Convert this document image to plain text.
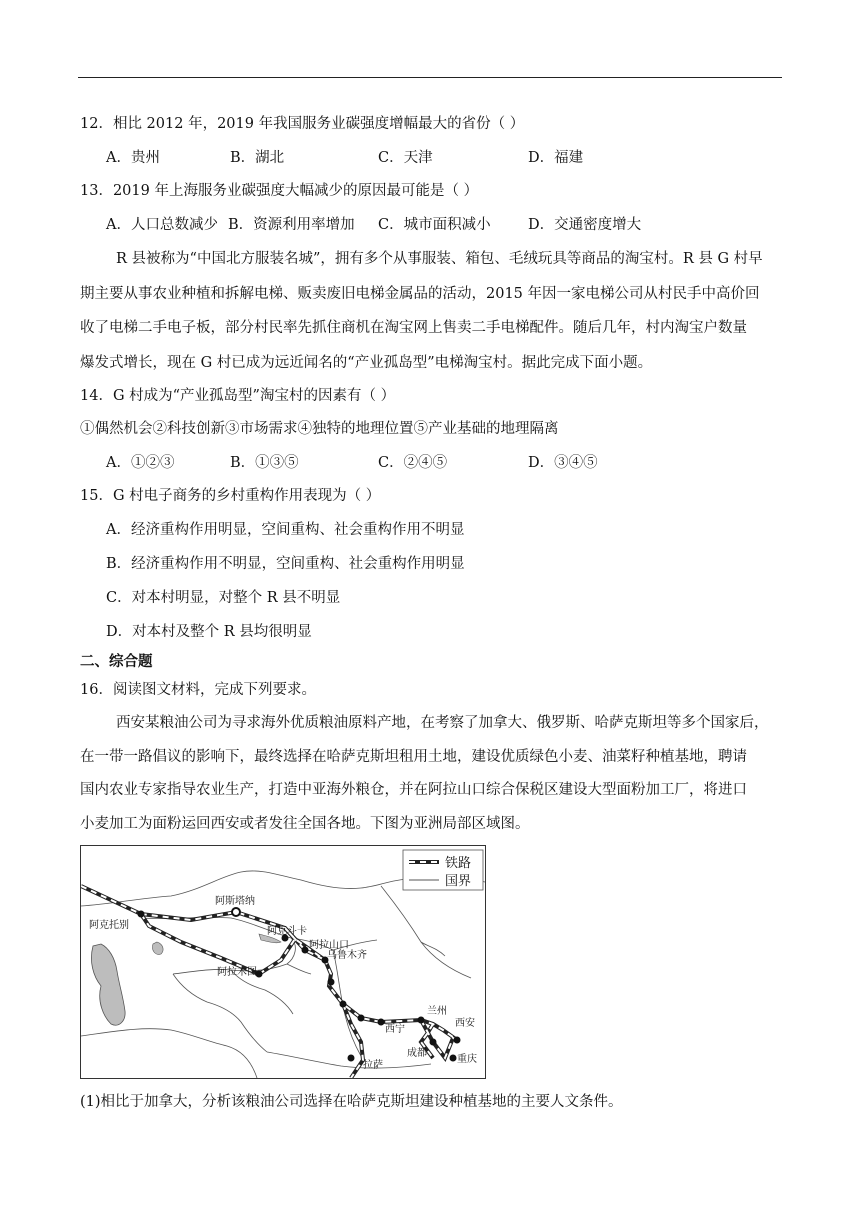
12．相比 2012 年，2019 年我国服务业碳强度增幅最大的省份（ ）
A．贵州	B．湖北	C．天津	D．福建
13．2019 年上海服务业碳强度大幅减少的原因最可能是（ ）
A．人口总数减少 B．资源利用率增加 C．城市面积减小	D．交通密度增大
R 县被称为“中国北方服装名城”，拥有多个从事服装、箱包、毛绒玩具等商品的淘宝村。R 县 G 村早
期主要从事农业种植和拆解电梯、贩卖废旧电梯金属品的活动，2015 年因一家电梯公司从村民手中高价回
收了电梯二手电子板，部分村民率先抓住商机在淘宝网上售卖二手电梯配件。随后几年，村内淘宝户数量
爆发式增长，现在 G 村已成为远近闻名的“产业孤岛型”电梯淘宝村。据此完成下面小题。
14．G 村成为“产业孤岛型”淘宝村的因素有（ ）
①偶然机会②科技创新③市场需求④独特的地理位置⑤产业基础的地理隔离
A．①②③	B．①③⑤	C．②④⑤	D．③④⑤
15．G 村电子商务的乡村重构作用表现为（ ）
A．经济重构作用明显，空间重构、社会重构作用不明显
B．经济重构作用不明显，空间重构、社会重构作用明显
C．对本村明显，对整个 R 县不明显
D．对本村及整个 R 县均很明显
二、综合题
16．阅读图文材料，完成下列要求。
西安某粮油公司为寻求海外优质粮油原料产地，在考察了加拿大、俄罗斯、哈萨克斯坦等多个国家后，
在一带一路倡议的影响下，最终选择在哈萨克斯坦租用土地，建设优质绿色小麦、油菜籽种植基地，聘请
国内农业专家指导农业生产，打造中亚海外粮仓，并在阿拉山口综合保税区建设大型面粉加工厂，将进口
小麦加工为面粉运回西安或者发往全国各地。下图为亚洲局部区域图。
阿斯塔纳
阿克托别
阿克斗卡
阿拉山口
乌鲁木齐
阿拉木图
兰州
西安
西宁
成都
重庆
拉萨
铁路
国界
(1)相比于加拿大，分析该粮油公司选择在哈萨克斯坦建设种植基地的主要人文条件。
